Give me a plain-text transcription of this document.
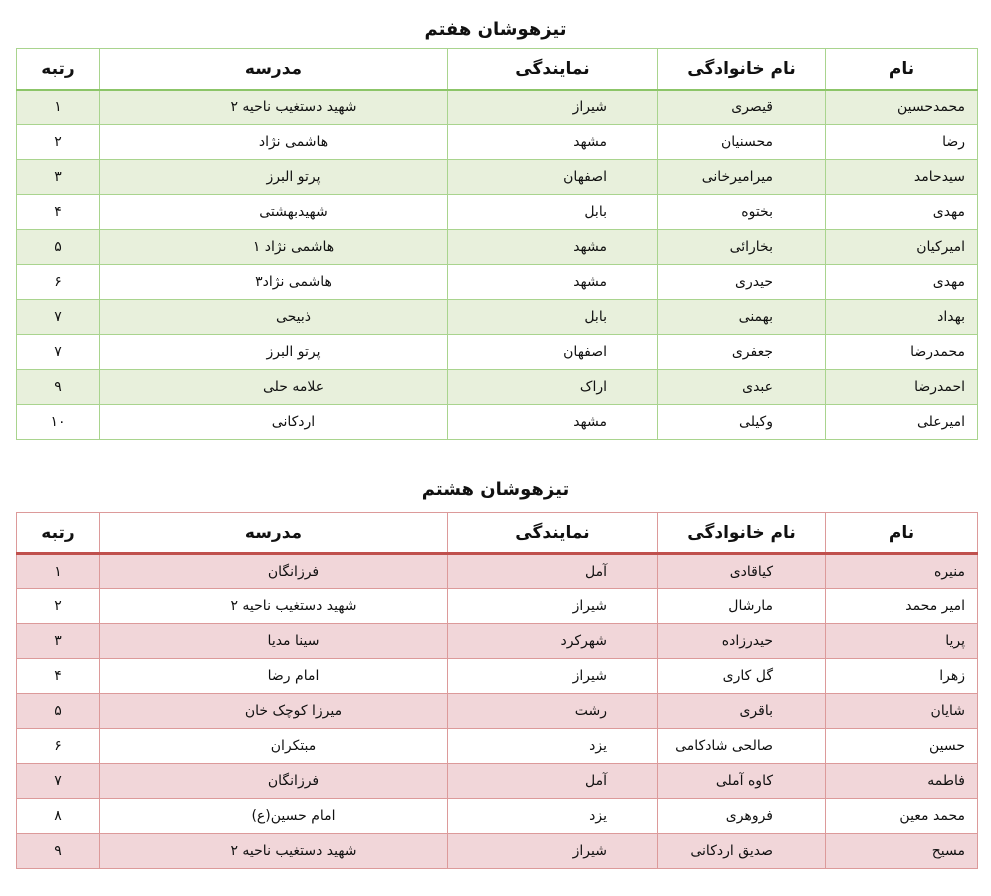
تیزهوشان هفتم
نام	نام خانوادگی	نمایندگی	مدرسه	رتبه
محمدحسین	قیصری	شیراز	شهید دستغیب ناحیه ۲	۱
رضا	محسنیان	مشهد	هاشمی نژاد	۲
سیدحامد	میرامیرخانی	اصفهان	پرتو البرز	۳
مهدی	بختوه	بابل	شهیدبهشتی	۴
امیرکیان	بخارائی	مشهد	هاشمی نژاد ۱	۵
مهدی	حیدری	مشهد	هاشمی نژاد۳	۶
بهداد	بهمنی	بابل	ذبیحی	۷
محمدرضا	جعفری	اصفهان	پرتو البرز	۷
احمدرضا	عبدی	اراک	علامه حلی	۹
امیرعلی	وکیلی	مشهد	اردکانی	۱۰
تیزهوشان هشتم
نام	نام خانوادگی	نمایندگی	مدرسه	رتبه
منیره	کیاقادی	آمل	فرزانگان	۱
امیر محمد	مارشال	شیراز	شهید دستغیب ناحیه ۲	۲
پریا	حیدرزاده	شهرکرد	سینا مدیا	۳
زهرا	گل کاری	شیراز	امام رضا	۴
شایان	باقری	رشت	میرزا کوچک خان	۵
حسین	صالحی شادکامی	یزد	مبتکران	۶
فاطمه	کاوه آملی	آمل	فرزانگان	۷
محمد معین	فروهری	یزد	امام حسین(ع)	۸
مسیح	صدیق اردکانی	شیراز	شهید دستغیب ناحیه ۲	۹
